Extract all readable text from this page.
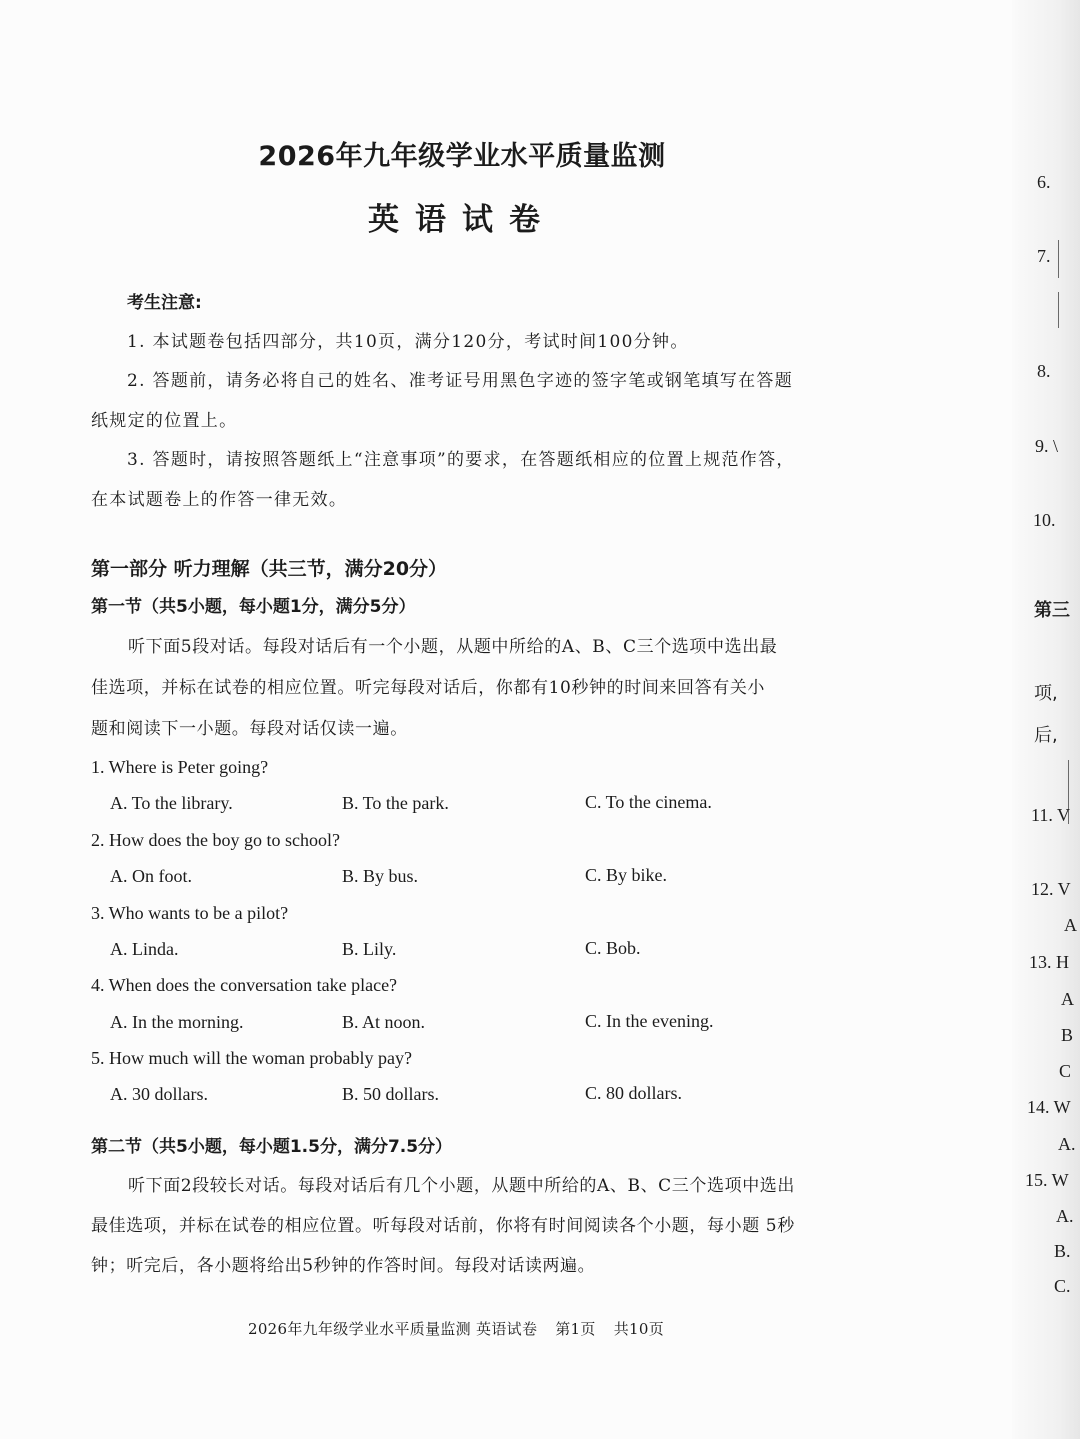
2026年九年级学业水平质量监测
英语试卷
考生注意:
1. 本试题卷包括四部分，共10页，满分120分，考试时间100分钟。
2. 答题前，请务必将自己的姓名、准考证号用黑色字迹的签字笔或钢笔填写在答题
纸规定的位置上。
3. 答题时，请按照答题纸上“注意事项”的要求，在答题纸相应的位置上规范作答，
在本试题卷上的作答一律无效。
第一部分 听力理解（共三节，满分20分）
第一节（共5小题，每小题1分，满分5分）
听下面5段对话。每段对话后有一个小题，从题中所给的A、B、C三个选项中选出最
佳选项，并标在试卷的相应位置。听完每段对话后，你都有10秒钟的时间来回答有关小
题和阅读下一小题。每段对话仅读一遍。
1. Where is Peter going?
A. To the library.	B. To the park.	C. To the cinema.
2. How does the boy go to school?
A. On foot.	B. By bus.	C. By bike.
3. Who wants to be a pilot?
A. Linda.	B. Lily.	C. Bob.
4. When does the conversation take place?
A. In the morning.	B. At noon.	C. In the evening.
5. How much will the woman probably pay?
A. 30 dollars.	B. 50 dollars.	C. 80 dollars.
第二节（共5小题，每小题1.5分，满分7.5分）
听下面2段较长对话。每段对话后有几个小题，从题中所给的A、B、C三个选项中选出
最佳选项，并标在试卷的相应位置。听每段对话前，你将有时间阅读各个小题，每小题 5秒
钟；听完后，各小题将给出5秒钟的作答时间。每段对话读两遍。
2026年九年级学业水平质量监测 英语试卷 第1页 共10页
6.
7.
8.
9. \
10.
第三
项,
后,
11. V
12. V
A
13. H
A
B
C
14. W
A.
15. W
A.
B.
C.
